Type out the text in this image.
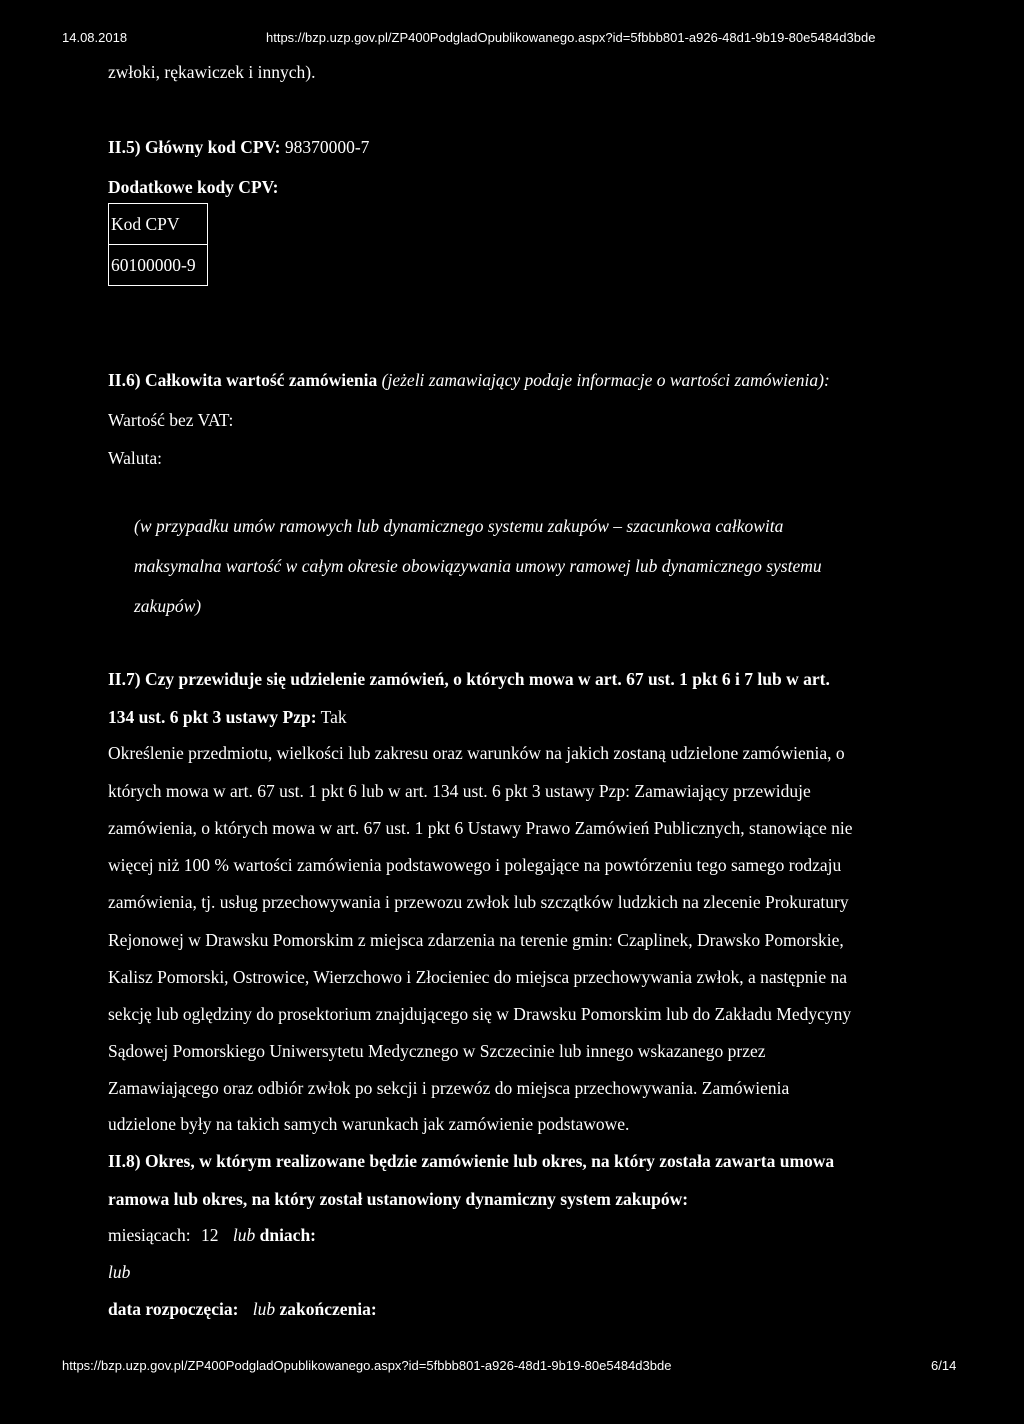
14.08.2018	https://bzp.uzp.gov.pl/ZP400PodgladOpublikowanego.aspx?id=5fbbb801-a926-48d1-9b19-80e5484d3bde
zwłoki, rękawiczek i innych).
II.5) Główny kod CPV: 98370000-7
Dodatkowe kody CPV:
Kod CPV
60100000-9
II.6) Całkowita wartość zamówienia (jeżeli zamawiający podaje informacje o wartości zamówienia):
Wartość bez VAT:
Waluta:
(w przypadku umów ramowych lub dynamicznego systemu zakupów – szacunkowa całkowita
maksymalna wartość w całym okresie obowiązywania umowy ramowej lub dynamicznego systemu
zakupów)
II.7) Czy przewiduje się udzielenie zamówień, o których mowa w art. 67 ust. 1 pkt 6 i 7 lub w art.
134 ust. 6 pkt 3 ustawy Pzp: Tak
Określenie przedmiotu, wielkości lub zakresu oraz warunków na jakich zostaną udzielone zamówienia, o
których mowa w art. 67 ust. 1 pkt 6 lub w art. 134 ust. 6 pkt 3 ustawy Pzp: Zamawiający przewiduje
zamówienia, o których mowa w art. 67 ust. 1 pkt 6 Ustawy Prawo Zamówień Publicznych, stanowiące nie
więcej niż 100 % wartości zamówienia podstawowego i polegające na powtórzeniu tego samego rodzaju
zamówienia, tj. usług przechowywania i przewozu zwłok lub szczątków ludzkich na zlecenie Prokuratury
Rejonowej w Drawsku Pomorskim z miejsca zdarzenia na terenie gmin: Czaplinek, Drawsko Pomorskie,
Kalisz Pomorski, Ostrowice, Wierzchowo i Złocieniec do miejsca przechowywania zwłok, a następnie na
sekcję lub oględziny do prosektorium znajdującego się w Drawsku Pomorskim lub do Zakładu Medycyny
Sądowej Pomorskiego Uniwersytetu Medycznego w Szczecinie lub innego wskazanego przez
Zamawiającego oraz odbiór zwłok po sekcji i przewóz do miejsca przechowywania. Zamówienia
udzielone były na takich samych warunkach jak zamówienie podstawowe.
II.8) Okres, w którym realizowane będzie zamówienie lub okres, na który została zawarta umowa
ramowa lub okres, na który został ustanowiony dynamiczny system zakupów:
miesiącach: 12 lub dniach:
lub
data rozpoczęcia: lub zakończenia:
https://bzp.uzp.gov.pl/ZP400PodgladOpublikowanego.aspx?id=5fbbb801-a926-48d1-9b19-80e5484d3bde	6/14
